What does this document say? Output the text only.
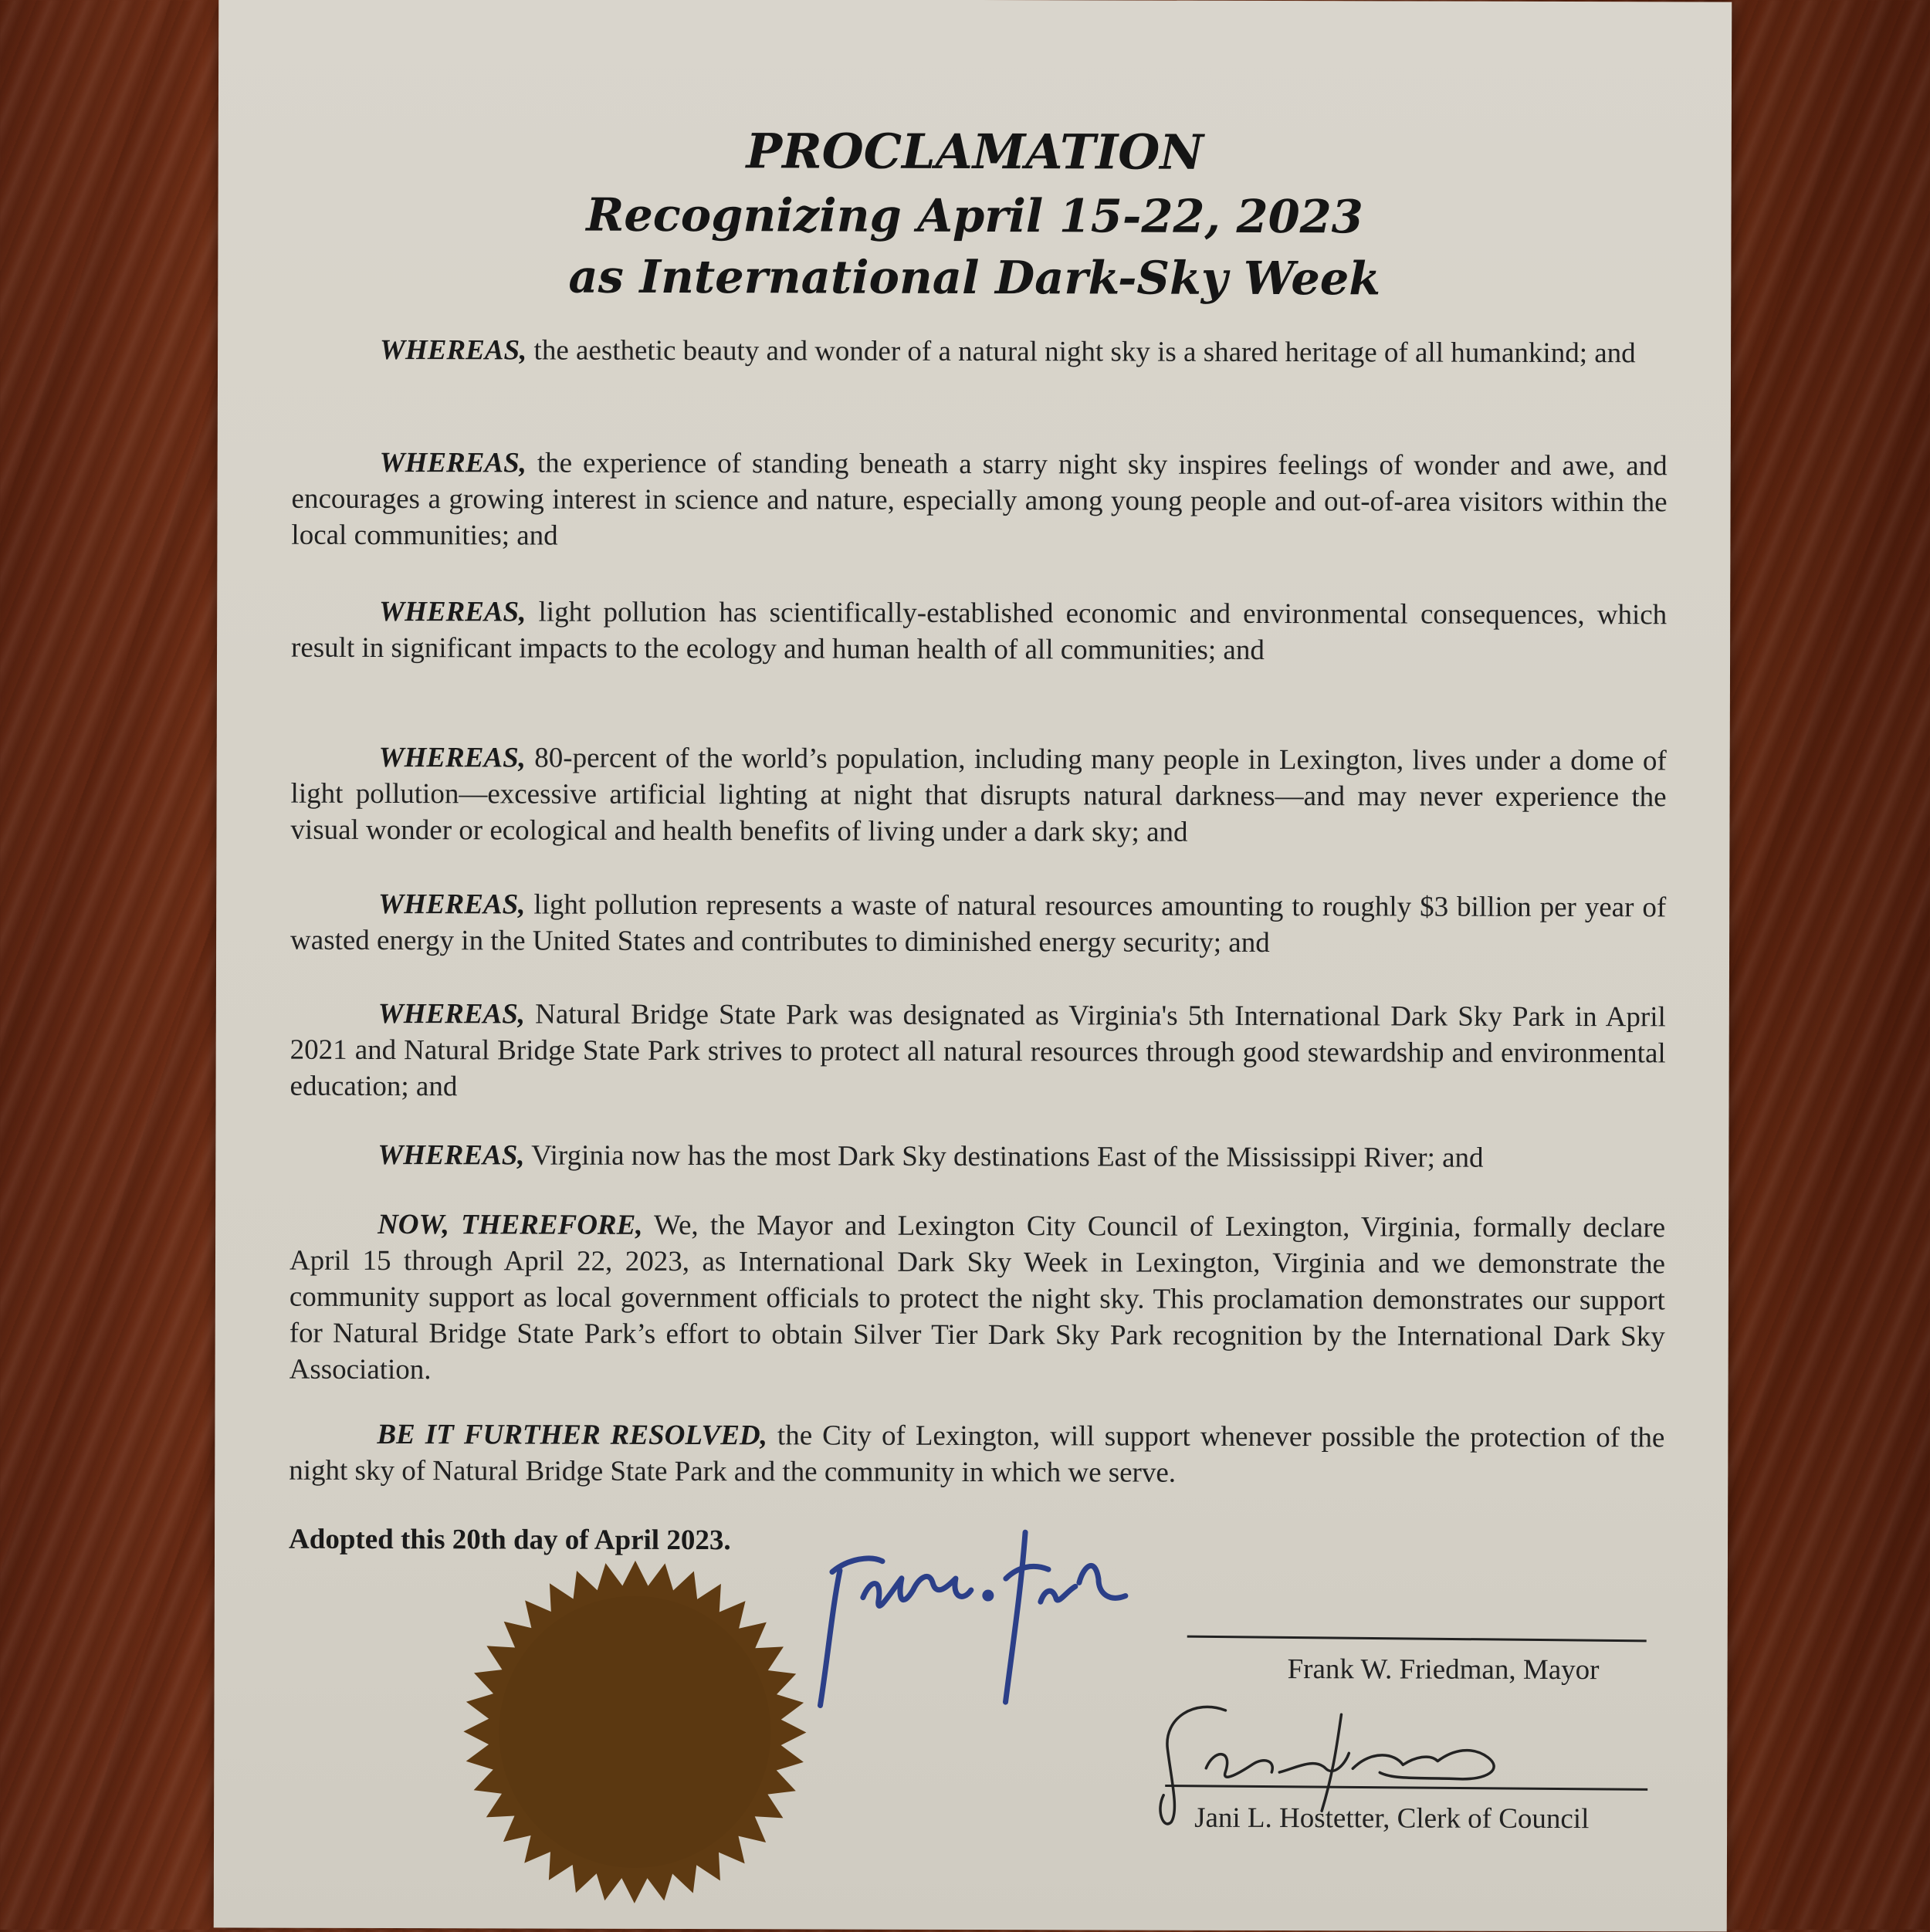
PROCLAMATION
Recognizing April 15-22, 2023
as International Dark-Sky Week

WHEREAS, the aesthetic beauty and wonder of a natural night sky is a shared heritage of all humankind; and

WHEREAS, the experience of standing beneath a starry night sky inspires feelings of wonder and awe, and encourages a growing interest in science and nature, especially among young people and out-of-area visitors within the local communities; and

WHEREAS, light pollution has scientifically-established economic and environmental consequences, which result in significant impacts to the ecology and human health of all communities; and

WHEREAS, 80-percent of the world’s population, including many people in Lexington, lives under a dome of light pollution—excessive artificial lighting at night that disrupts natural darkness—and may never experience the visual wonder or ecological and health benefits of living under a dark sky; and

WHEREAS, light pollution represents a waste of natural resources amounting to roughly $3 billion per year of wasted energy in the United States and contributes to diminished energy security; and

WHEREAS, Natural Bridge State Park was designated as Virginia's 5th International Dark Sky Park in April 2021 and Natural Bridge State Park strives to protect all natural resources through good stewardship and environmental education; and

WHEREAS, Virginia now has the most Dark Sky destinations East of the Mississippi River; and

NOW, THEREFORE, We, the Mayor and Lexington City Council of Lexington, Virginia, formally declare April 15 through April 22, 2023, as International Dark Sky Week in Lexington, Virginia and we demonstrate the community support as local government officials to protect the night sky. This proclamation demonstrates our support for Natural Bridge State Park’s effort to obtain Silver Tier Dark Sky Park recognition by the International Dark Sky Association.

BE IT FURTHER RESOLVED, the City of Lexington, will support whenever possible the protection of the night sky of Natural Bridge State Park and the community in which we serve.

Adopted this 20th day of April 2023.

Frank W. Friedman, Mayor

Jani L. Hostetter, Clerk of Council
